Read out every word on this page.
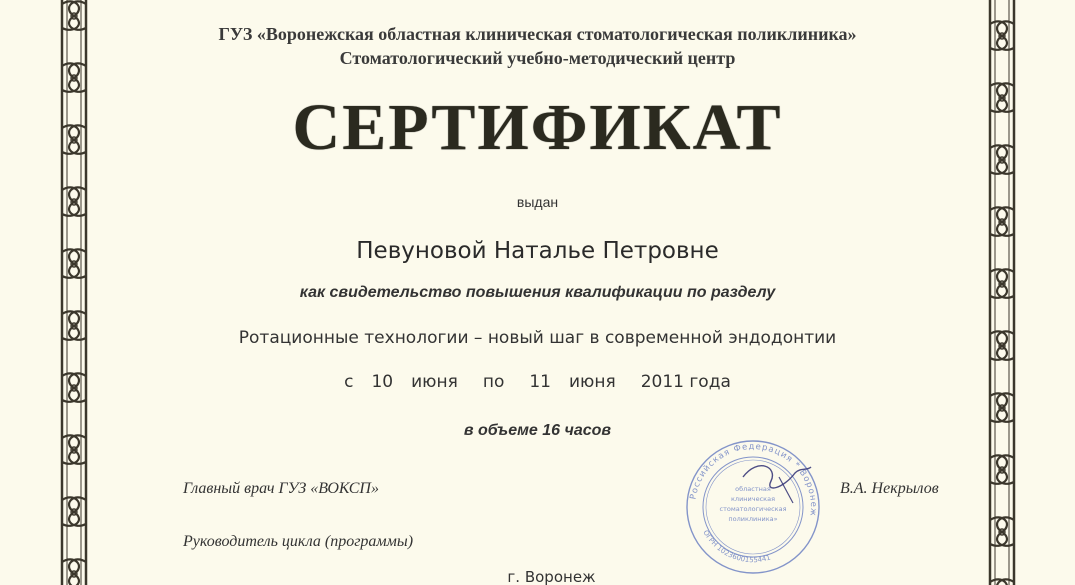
ГУЗ «Воронежская областная клиническая стоматологическая поликлиника»
Стоматологический учебно-методический центр
СЕРТИФИКАТ
выдан
Певуновой Наталье Петровне
как свидетельство повышения квалификации по разделу
Ротационные технологии – новый шаг в современной эндодонтии
с 10 июня по 11 июня 2011 года
в объеме 16 часов
Главный врач ГУЗ «ВОКСП»	В.А. Некрылов
Руководитель цикла (программы)
Российская Федерация * Воронеж
ОГРН 1023600155441
областная
клиническая
стоматологическая
поликлиника»
г. Воронеж
